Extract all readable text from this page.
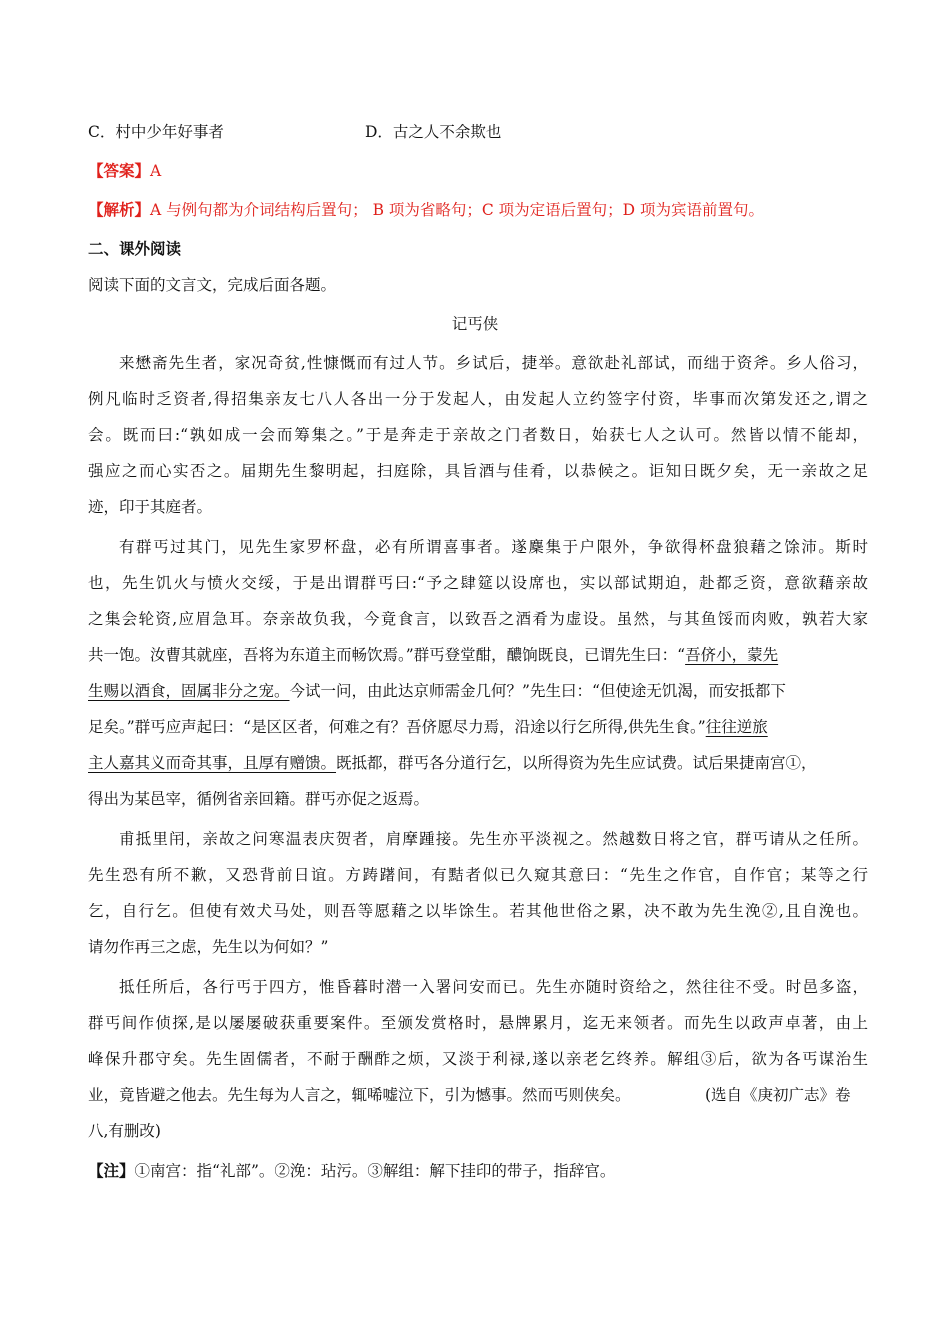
C．村中少年好事者	D．古之人不余欺也
【答案】A
【解析】A 与例句都为介词结构后置句； B 项为省略句；C 项为定语后置句；D 项为宾语前置句。
二、课外阅读
阅读下面的文言文，完成后面各题。
记丐侠
来懋斋先生者，家况奇贫,性慷慨而有过人节。乡试后，捷举。意欲赴礼部试，而绌于资斧。乡人俗习，
例凡临时乏资者,得招集亲友七八人各出一分于发起人，由发起人立约签字付资，毕事而次第发还之,谓之
会。既而曰:“孰如成一会而筹集之。”于是奔走于亲故之门者数日，始获七人之认可。然皆以情不能却，
强应之而心实否之。届期先生黎明起，扫庭除，具旨酒与佳肴，以恭候之。讵知日既夕矣，无一亲故之足
迹，印于其庭者。
有群丐过其门，见先生家罗杯盘，必有所谓喜事者。遂麇集于户限外，争欲得杯盘狼藉之馀沛。斯时
也，先生饥火与愤火交绥，于是出谓群丐曰:“予之肆筵以设席也，实以部试期迫，赴都乏资，意欲藉亲故
之集会轮资,应眉急耳。奈亲故负我，今竟食言，以致吾之酒肴为虚设。虽然，与其鱼馁而肉败，孰若大家
共一饱。汝曹其就座，吾将为东道主而畅饮焉。”群丐登堂酣，醲饷既良，已谓先生曰：“吾侪小，蒙先
生赐以酒食，固属非分之宠。今试一问，由此达京师需金几何？”先生曰：“但使途无饥渴，而安抵都下
足矣。”群丐应声起曰：“是区区者，何难之有？吾侪愿尽力焉，沿途以行乞所得,供先生食。”往往逆旅
主人嘉其义而奇其事，且厚有赠馈。既抵都，群丐各分道行乞，以所得资为先生应试费。试后果捷南宫①，
得出为某邑宰，循例省亲回籍。群丐亦促之返焉。
甫抵里闬，亲故之问寒温表庆贺者，肩摩踵接。先生亦平淡视之。然越数日将之官，群丐请从之任所。
先生恐有所不歉，又恐背前日谊。方踌躇间，有黠者似已久窥其意曰：“先生之作官，自作官；某等之行
乞，自行乞。但使有效犬马处，则吾等愿藉之以毕馀生。若其他世俗之累，决不敢为先生浼②,且自浼也。
请勿作再三之虑，先生以为何如？”
抵任所后，各行丐于四方，惟昏暮时潜一入署问安而已。先生亦随时资给之，然往往不受。时邑多盗，
群丐间作侦探,是以屡屡破获重要案件。至颁发赏格时，悬牌累月，迄无来领者。而先生以政声卓著，由上
峰保升郡守矣。先生固儒者，不耐于酬酢之烦，又淡于利禄,遂以亲老乞终养。解组③后，欲为各丐谋治生
业，竟皆避之他去。先生每为人言之，辄唏嘘泣下，引为憾事。然而丐则侠矣。	(选自《庚初广志》卷
八,有删改)
【注】①南宫：指“礼部”。②浼：玷污。③解组：解下挂印的带子，指辞官。
